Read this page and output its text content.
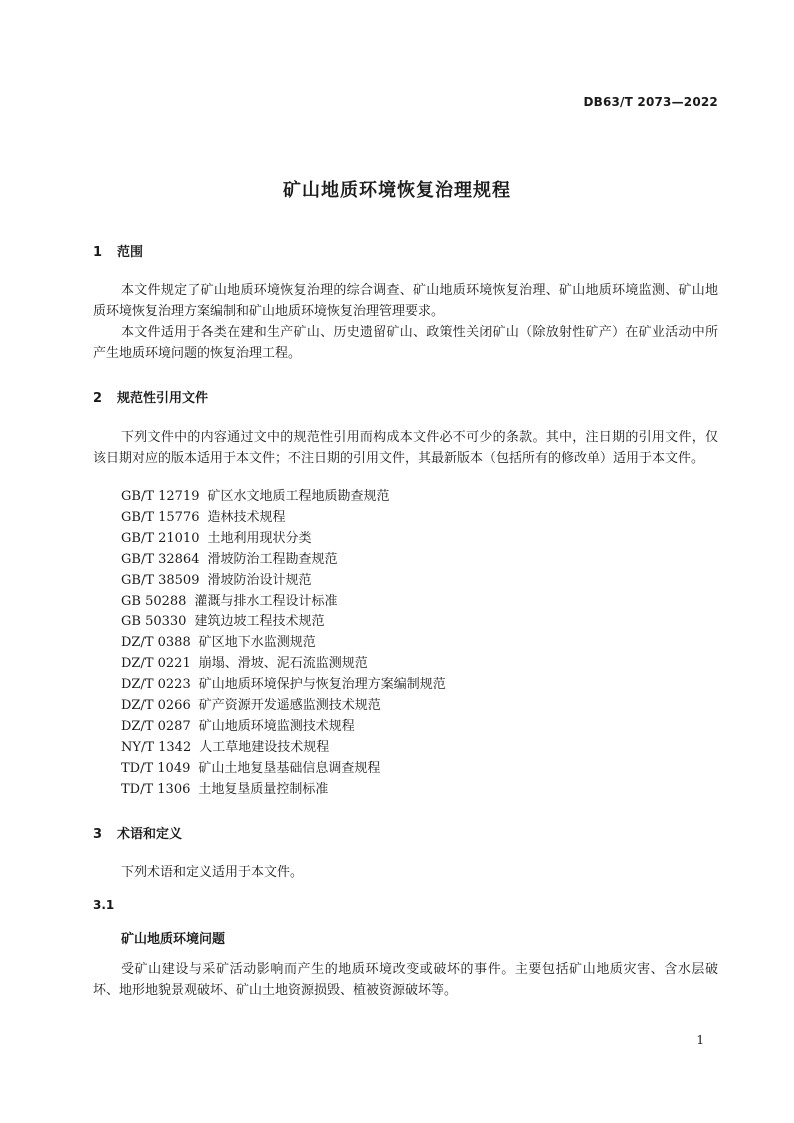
DB63/T 2073—2022
矿山地质环境恢复治理规程
1 范围

本文件规定了矿山地质环境恢复治理的综合调查、矿山地质环境恢复治理、矿山地质环境监测、矿山地质环境恢复治理方案编制和矿山地质环境恢复治理管理要求。

本文件适用于各类在建和生产矿山、历史遗留矿山、政策性关闭矿山（除放射性矿产）在矿业活动中所产生地质环境问题的恢复治理工程。

2 规范性引用文件

下列文件中的内容通过文中的规范性引用而构成本文件必不可少的条款。其中，注日期的引用文件，仅该日期对应的版本适用于本文件；不注日期的引用文件，其最新版本（包括所有的修改单）适用于本文件。

GB/T 12719 矿区水文地质工程地质勘查规范
GB/T 15776 造林技术规程
GB/T 21010 土地利用现状分类
GB/T 32864 滑坡防治工程勘查规范
GB/T 38509 滑坡防治设计规范
GB 50288 灌溉与排水工程设计标准
GB 50330 建筑边坡工程技术规范
DZ/T 0388 矿区地下水监测规范
DZ/T 0221 崩塌、滑坡、泥石流监测规范
DZ/T 0223 矿山地质环境保护与恢复治理方案编制规范
DZ/T 0266 矿产资源开发遥感监测技术规范
DZ/T 0287 矿山地质环境监测技术规程
NY/T 1342 人工草地建设技术规程
TD/T 1049 矿山土地复垦基础信息调查规程
TD/T 1306 土地复垦质量控制标准
3 术语和定义

下列术语和定义适用于本文件。

3.1

矿山地质环境问题

受矿山建设与采矿活动影响而产生的地质环境改变或破坏的事件。主要包括矿山地质灾害、含水层破坏、地形地貌景观破坏、矿山土地资源损毁、植被资源破坏等。

1
